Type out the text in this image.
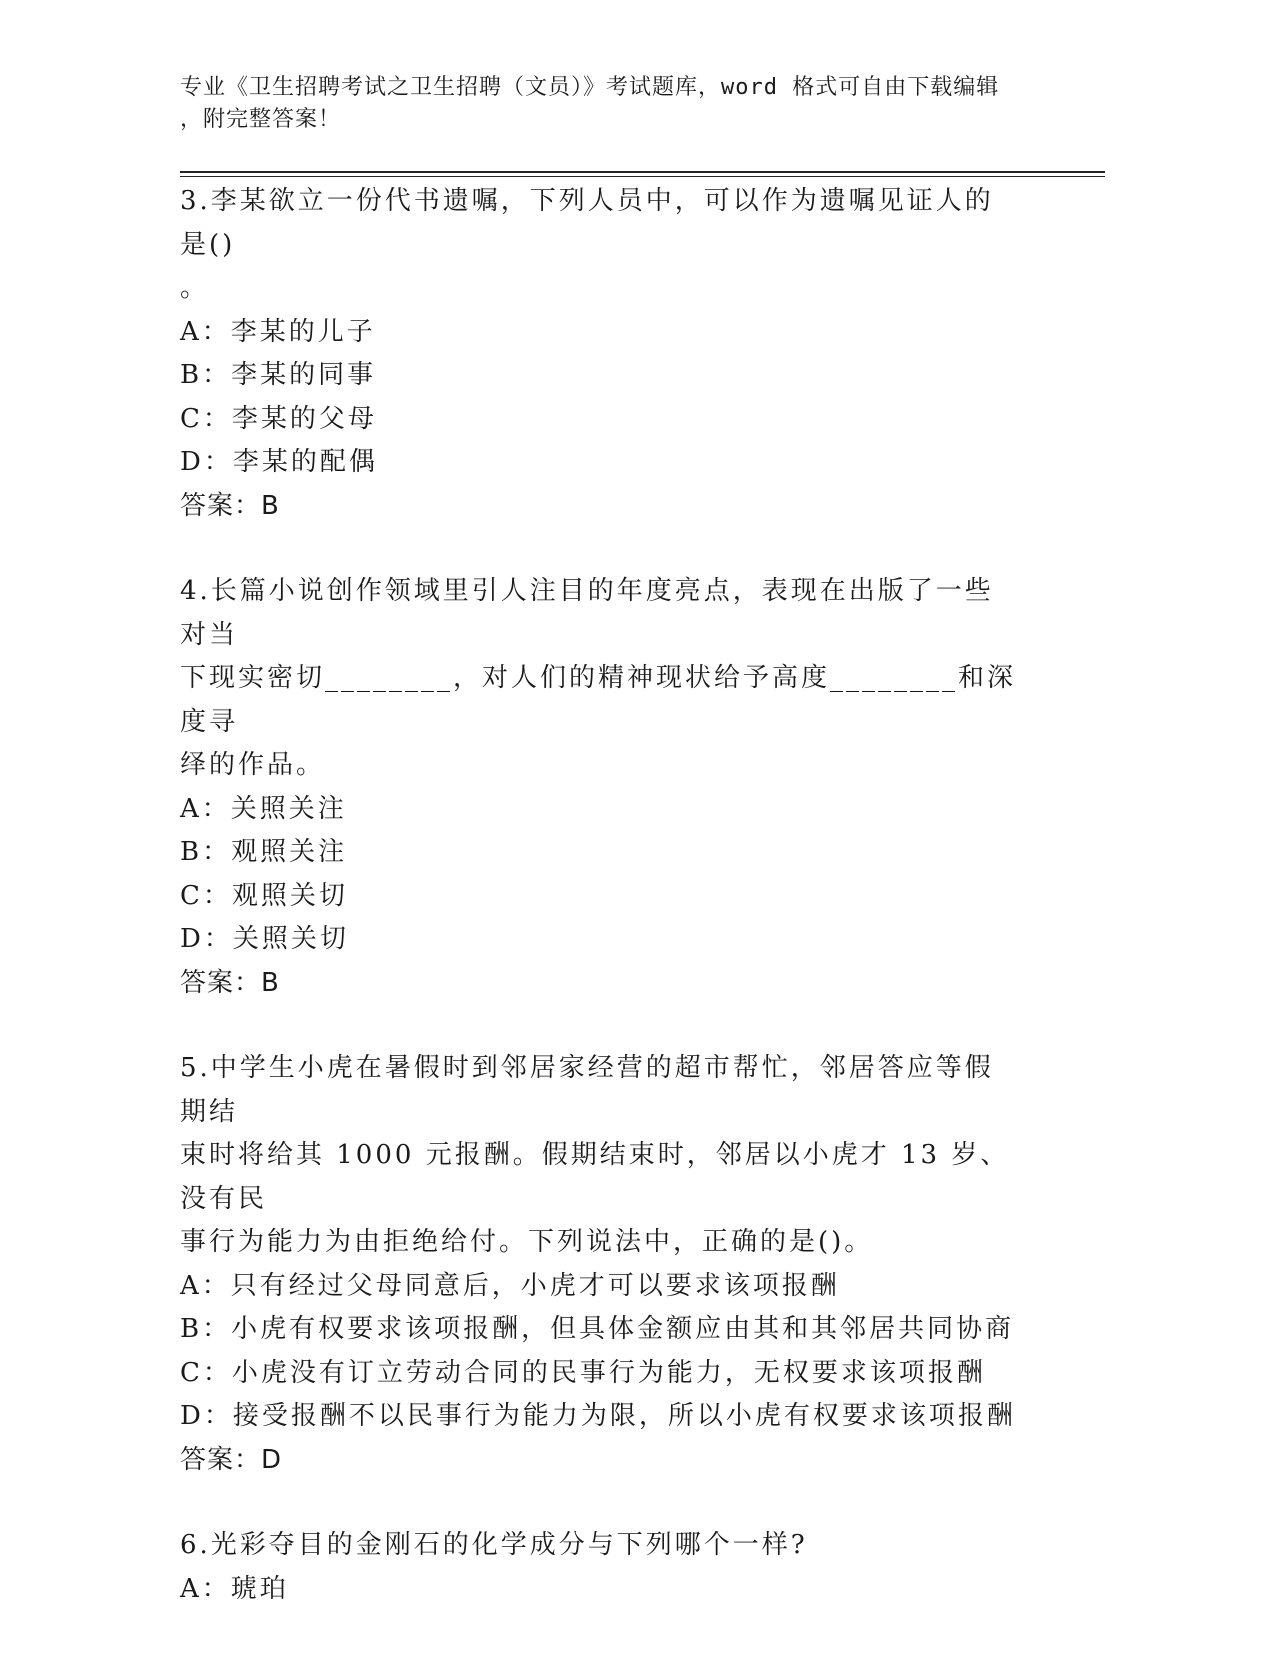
专业《卫生招聘考试之卫生招聘（文员）》考试题库，word 格式可自由下载编辑
，附完整答案！

3.李某欲立一份代书遗嘱，下列人员中，可以作为遗嘱见证人的是()

。

A：李某的儿子

B：李某的同事

C：李某的父母

D：李某的配偶

答案：B

4.长篇小说创作领域里引人注目的年度亮点，表现在出版了一些对当

下现实密切________，对人们的精神现状给予高度________和深度寻

绎的作品。

A：关照关注

B：观照关注

C：观照关切

D：关照关切

答案：B

5.中学生小虎在暑假时到邻居家经营的超市帮忙，邻居答应等假期结

束时将给其 1000 元报酬。假期结束时，邻居以小虎才 13 岁、没有民

事行为能力为由拒绝给付。下列说法中，正确的是()。

A：只有经过父母同意后，小虎才可以要求该项报酬

B：小虎有权要求该项报酬，但具体金额应由其和其邻居共同协商

C：小虎没有订立劳动合同的民事行为能力，无权要求该项报酬

D：接受报酬不以民事行为能力为限，所以小虎有权要求该项报酬

答案：D

6.光彩夺目的金刚石的化学成分与下列哪个一样?

A：琥珀
